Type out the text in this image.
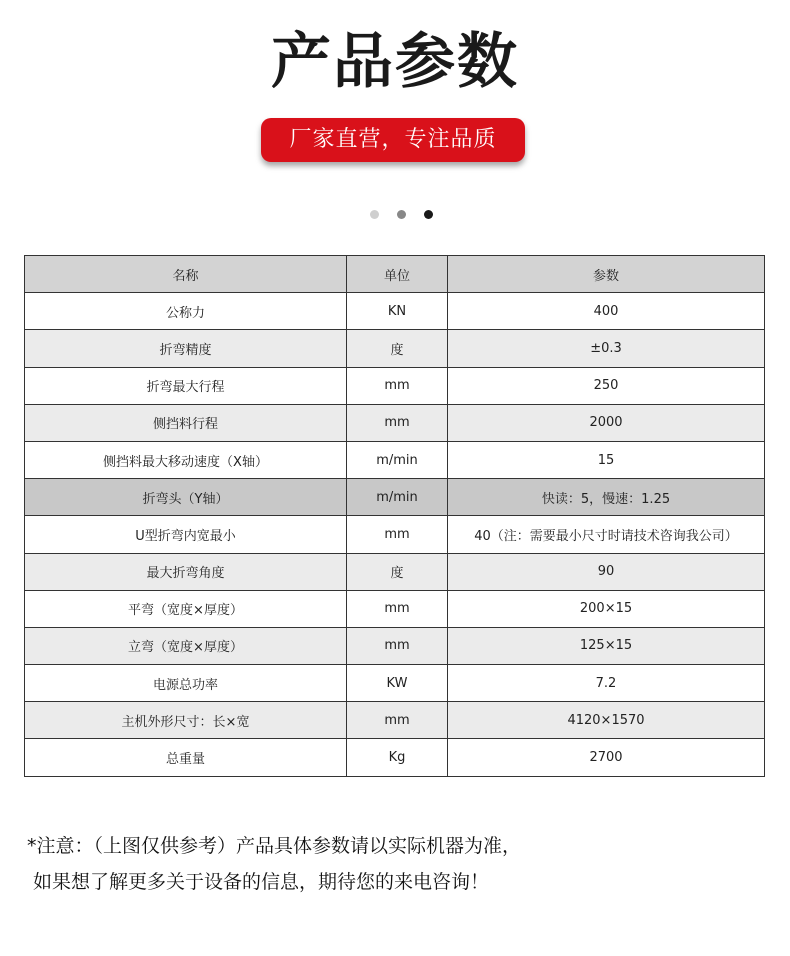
产品参数
厂家直营，专注品质
名称	单位	参数
公称力	KN	400
折弯精度	度	±0.3
折弯最大行程	mm	250
侧挡料行程	mm	2000
侧挡料最大移动速度（X轴）	m/min	15
折弯头（Y轴）	m/min	快读：5，慢速：1.25
U型折弯内宽最小	mm	40（注：需要最小尺寸时请技术咨询我公司）
最大折弯角度	度	90
平弯（宽度×厚度）	mm	200×15
立弯（宽度×厚度）	mm	125×15
电源总功率	KW	7.2
主机外形尺寸：长×宽	mm	4120×1570
总重量	Kg	2700
*注意：（上图仅供参考）产品具体参数请以实际机器为准，
如果想了解更多关于设备的信息，期待您的来电咨询！
